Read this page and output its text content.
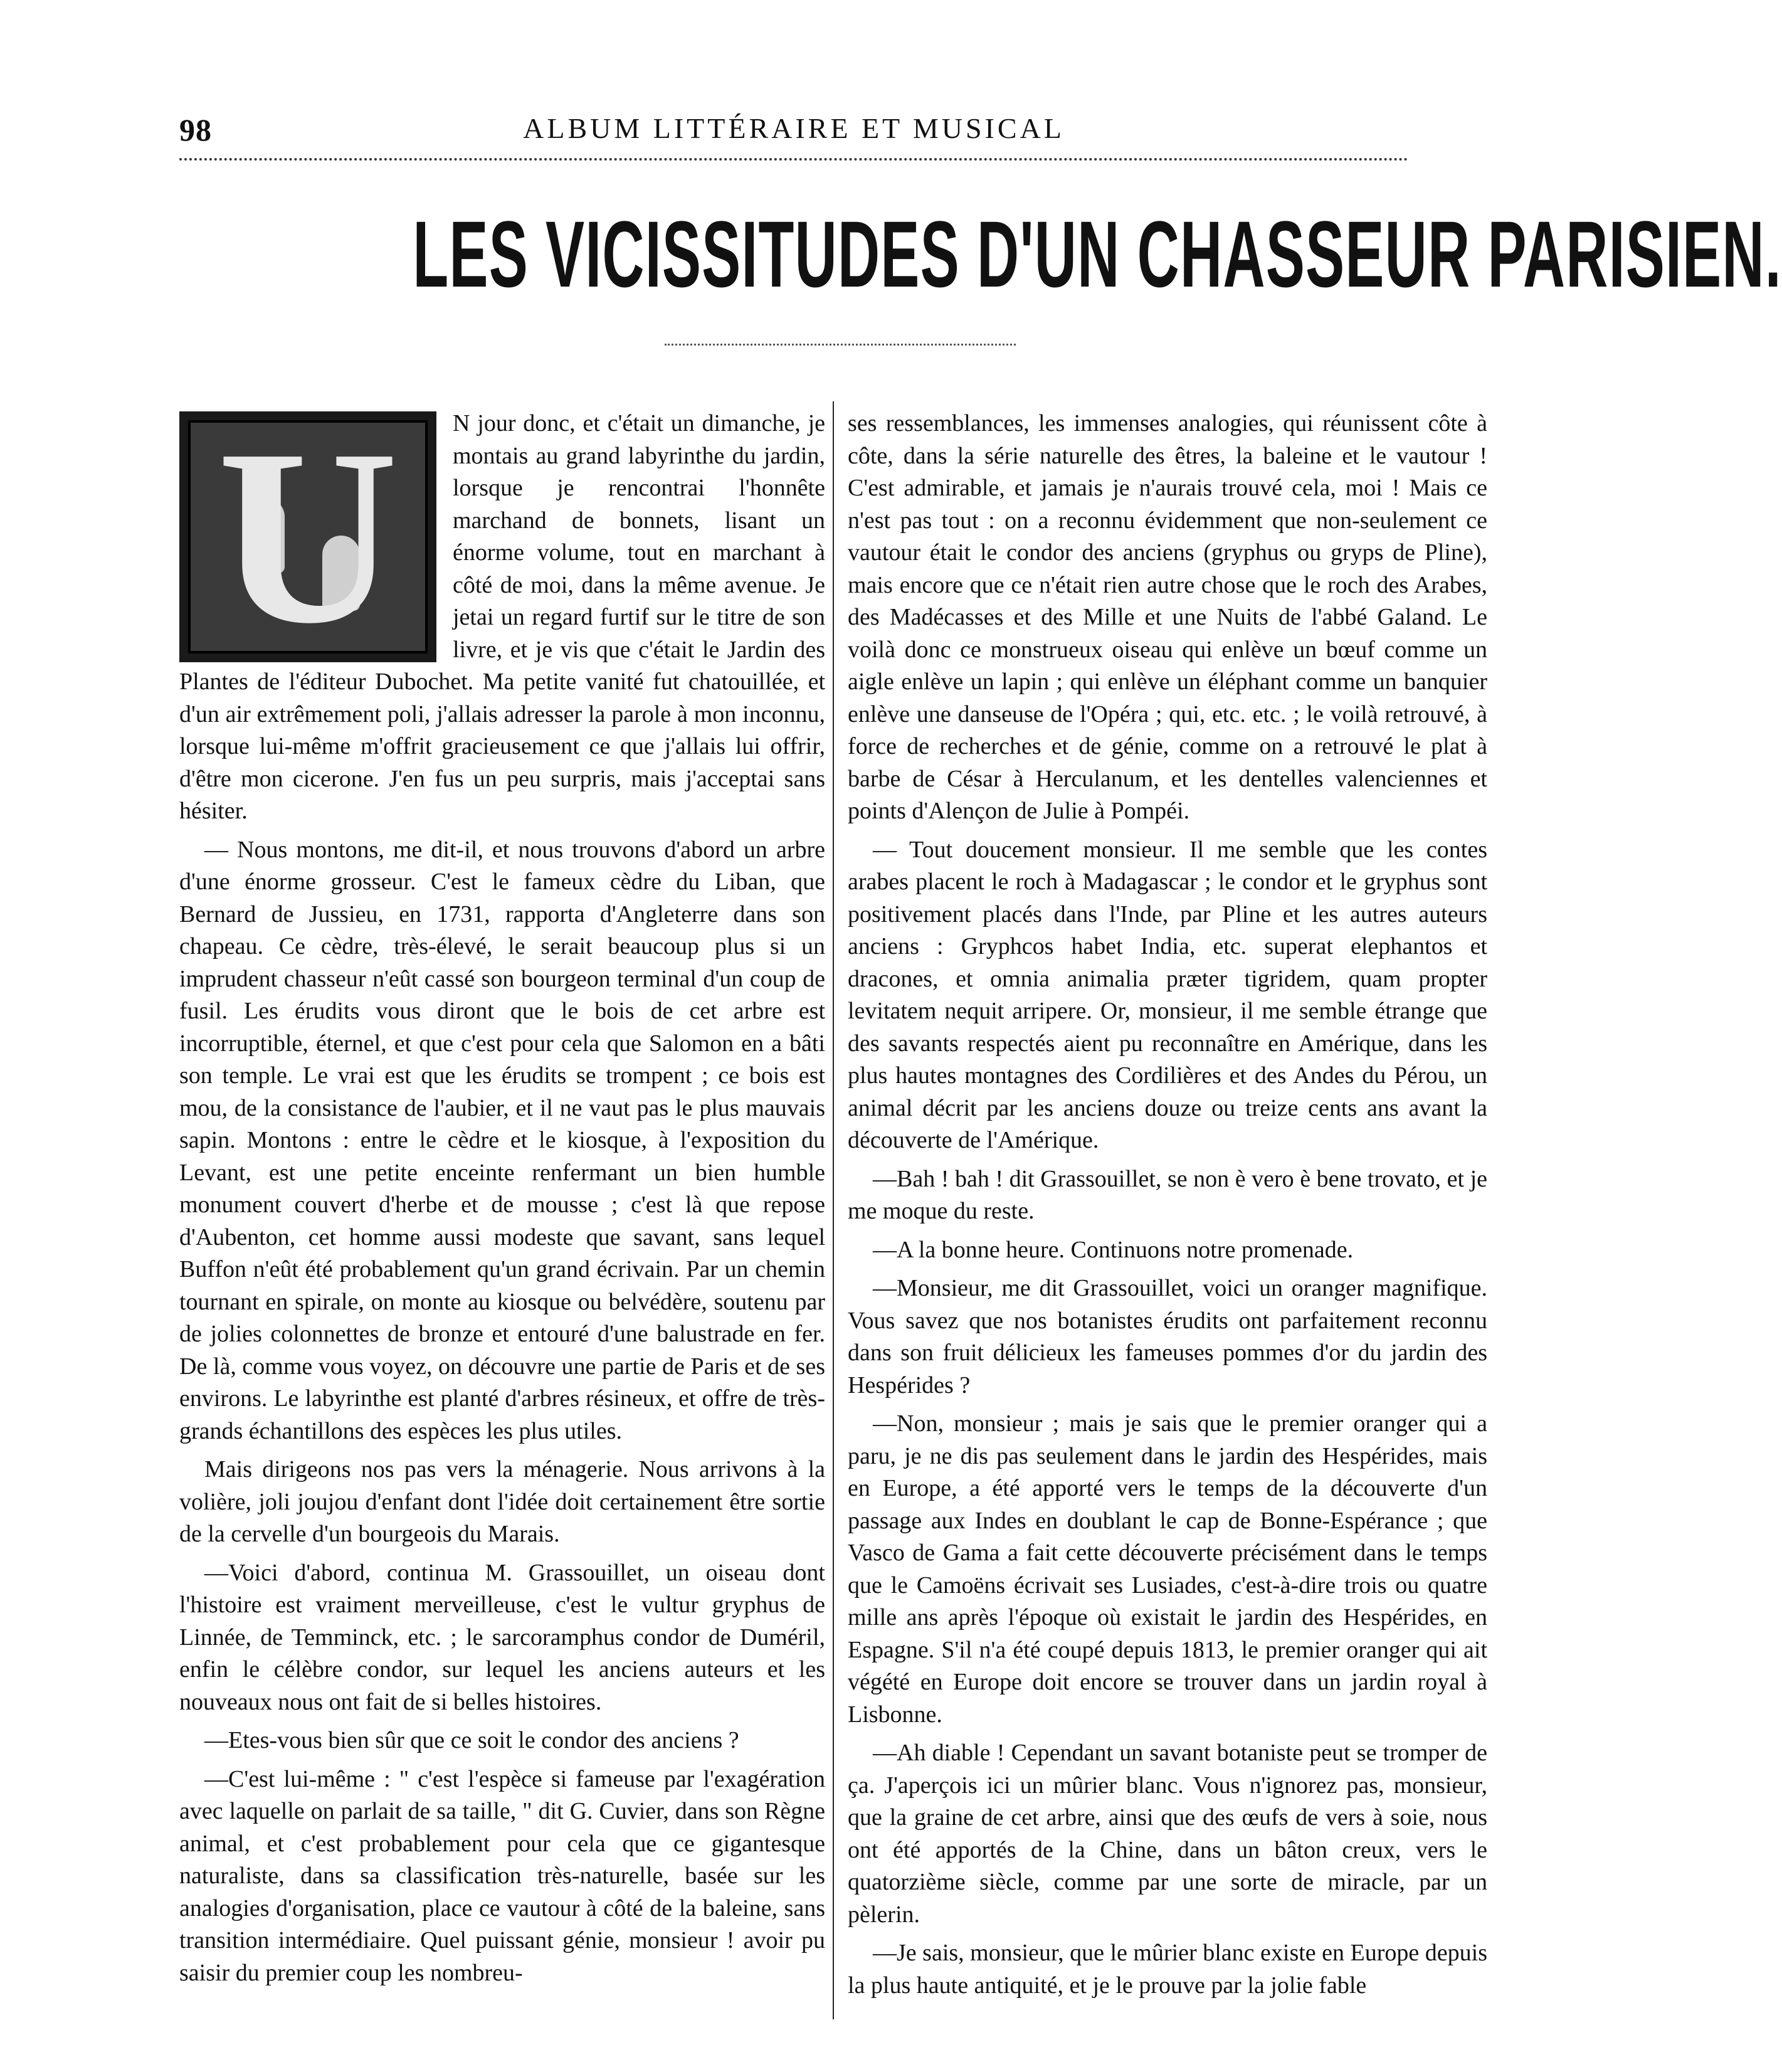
98	ALBUM LITTÉRAIRE ET MUSICAL
LES VICISSITUDES D'UN CHASSEUR PARISIEN.
U	N jour donc, et c'était un dimanche, je montais au grand labyrinthe du jardin, lorsque je rencontrai l'honnête marchand de bonnets, lisant un énorme volume, tout en marchant à côté de moi, dans la même avenue. Je jetai un regard furtif sur le titre de son livre, et je vis que c'était le Jardin des Plantes de l'éditeur Dubochet. Ma petite vanité fut chatouillée, et d'un air extrêmement poli, j'allais adresser la parole à mon inconnu, lorsque lui-même m'offrit gracieusement ce que j'allais lui offrir, d'être mon cicerone. J'en fus un peu surpris, mais j'acceptai sans hésiter.

— Nous montons, me dit-il, et nous trouvons d'abord un arbre d'une énorme grosseur. C'est le fameux cèdre du Liban, que Bernard de Jussieu, en 1731, rapporta d'Angleterre dans son chapeau. Ce cèdre, très-élevé, le serait beaucoup plus si un imprudent chasseur n'eût cassé son bourgeon terminal d'un coup de fusil. Les érudits vous diront que le bois de cet arbre est incorruptible, éternel, et que c'est pour cela que Salomon en a bâti son temple. Le vrai est que les érudits se trompent ; ce bois est mou, de la consistance de l'aubier, et il ne vaut pas le plus mauvais sapin. Montons : entre le cèdre et le kiosque, à l'exposition du Levant, est une petite enceinte renfermant un bien humble monument couvert d'herbe et de mousse ; c'est là que repose d'Aubenton, cet homme aussi modeste que savant, sans lequel Buffon n'eût été probablement qu'un grand écrivain. Par un chemin tournant en spirale, on monte au kiosque ou belvédère, soutenu par de jolies colonnettes de bronze et entouré d'une balustrade en fer. De là, comme vous voyez, on découvre une partie de Paris et de ses environs. Le labyrinthe est planté d'arbres résineux, et offre de très-grands échantillons des espèces les plus utiles.

Mais dirigeons nos pas vers la ménagerie. Nous arrivons à la volière, joli joujou d'enfant dont l'idée doit certainement être sortie de la cervelle d'un bourgeois du Marais.

—Voici d'abord, continua M. Grassouillet, un oiseau dont l'histoire est vraiment merveilleuse, c'est le vultur gryphus de Linnée, de Temminck, etc. ; le sarcoramphus condor de Duméril, enfin le célèbre condor, sur lequel les anciens auteurs et les nouveaux nous ont fait de si belles histoires.

—Etes-vous bien sûr que ce soit le condor des anciens ?

—C'est lui-même : " c'est l'espèce si fameuse par l'exagération avec laquelle on parlait de sa taille, " dit G. Cuvier, dans son Règne animal, et c'est probablement pour cela que ce gigantesque naturaliste, dans sa classification très-naturelle, basée sur les analogies d'organisation, place ce vautour à côté de la baleine, sans transition intermédiaire. Quel puissant génie, monsieur ! avoir pu saisir du premier coup les nombreu-

ses ressemblances, les immenses analogies, qui réunissent côte à côte, dans la série naturelle des êtres, la baleine et le vautour ! C'est admirable, et jamais je n'aurais trouvé cela, moi ! Mais ce n'est pas tout : on a reconnu évidemment que non-seulement ce vautour était le condor des anciens (gryphus ou gryps de Pline), mais encore que ce n'était rien autre chose que le roch des Arabes, des Madécasses et des Mille et une Nuits de l'abbé Galand. Le voilà donc ce monstrueux oiseau qui enlève un bœuf comme un aigle enlève un lapin ; qui enlève un éléphant comme un banquier enlève une danseuse de l'Opéra ; qui, etc. etc. ; le voilà retrouvé, à force de recherches et de génie, comme on a retrouvé le plat à barbe de César à Herculanum, et les dentelles valenciennes et points d'Alençon de Julie à Pompéi.

— Tout doucement monsieur. Il me semble que les contes arabes placent le roch à Madagascar ; le condor et le gryphus sont positivement placés dans l'Inde, par Pline et les autres auteurs anciens : Gryphcos habet India, etc. superat elephantos et dracones, et omnia animalia præter tigridem, quam propter levitatem nequit arripere. Or, monsieur, il me semble étrange que des savants respectés aient pu reconnaître en Amérique, dans les plus hautes montagnes des Cordilières et des Andes du Pérou, un animal décrit par les anciens douze ou treize cents ans avant la découverte de l'Amérique.

—Bah ! bah ! dit Grassouillet, se non è vero è bene trovato, et je me moque du reste.

—A la bonne heure. Continuons notre promenade.

—Monsieur, me dit Grassouillet, voici un oranger magnifique. Vous savez que nos botanistes érudits ont parfaitement reconnu dans son fruit délicieux les fameuses pommes d'or du jardin des Hespérides ?

—Non, monsieur ; mais je sais que le premier oranger qui a paru, je ne dis pas seulement dans le jardin des Hespérides, mais en Europe, a été apporté vers le temps de la découverte d'un passage aux Indes en doublant le cap de Bonne-Espérance ; que Vasco de Gama a fait cette découverte précisément dans le temps que le Camoëns écrivait ses Lusiades, c'est-à-dire trois ou quatre mille ans après l'époque où existait le jardin des Hespérides, en Espagne. S'il n'a été coupé depuis 1813, le premier oranger qui ait végété en Europe doit encore se trouver dans un jardin royal à Lisbonne.

—Ah diable ! Cependant un savant botaniste peut se tromper de ça. J'aperçois ici un mûrier blanc. Vous n'ignorez pas, monsieur, que la graine de cet arbre, ainsi que des œufs de vers à soie, nous ont été apportés de la Chine, dans un bâton creux, vers le quatorzième siècle, comme par une sorte de miracle, par un pèlerin.

—Je sais, monsieur, que le mûrier blanc existe en Europe depuis la plus haute antiquité, et je le prouve par la jolie fable
